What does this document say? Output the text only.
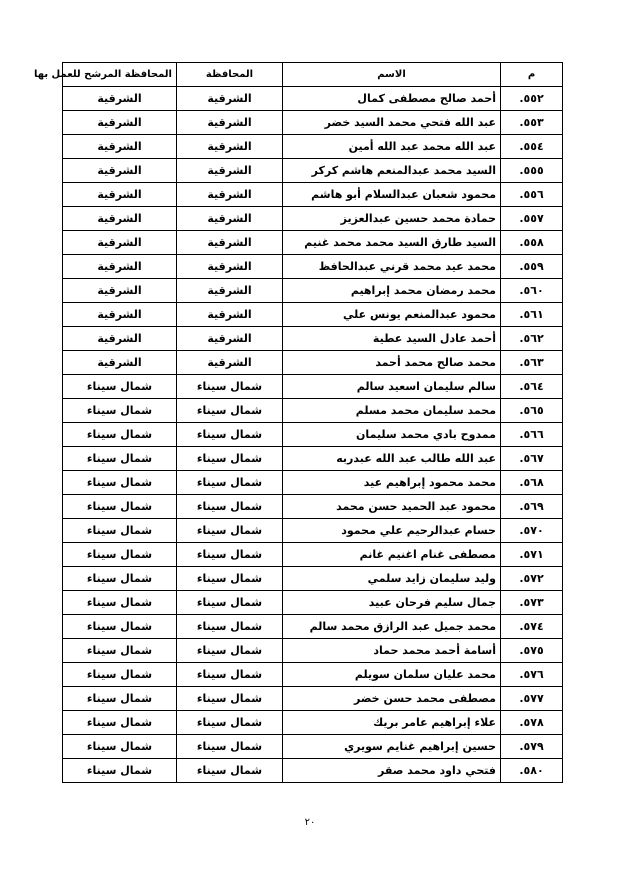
م	الاسم	المحافظة	المحافظة المرشح للعمل بها
٥٥٢.	أحمد صالح مصطفى كمال	الشرقية	الشرقية
٥٥٣.	عبد الله فتحي محمد السيد خضر	الشرقية	الشرقية
٥٥٤.	عبد الله محمد عبد الله أمين	الشرقية	الشرقية
٥٥٥.	السيد محمد عبدالمنعم هاشم كركر	الشرقية	الشرقية
٥٥٦.	محمود شعبان عبدالسلام أبو هاشم	الشرقية	الشرقية
٥٥٧.	حمادة محمد حسين عبدالعزيز	الشرقية	الشرقية
٥٥٨.	السيد طارق السيد محمد محمد غنيم	الشرقية	الشرقية
٥٥٩.	محمد عيد محمد قرني عبدالحافظ	الشرقية	الشرقية
٥٦٠.	محمد رمضان محمد إبراهيم	الشرقية	الشرقية
٥٦١.	محمود عبدالمنعم يونس علي	الشرقية	الشرقية
٥٦٢.	أحمد عادل السيد عطية	الشرقية	الشرقية
٥٦٣.	محمد صالح محمد أحمد	الشرقية	الشرقية
٥٦٤.	سالم سليمان اسعيد سالم	شمال سيناء	شمال سيناء
٥٦٥.	محمد سليمان محمد مسلم	شمال سيناء	شمال سيناء
٥٦٦.	ممدوح بادي محمد سليمان	شمال سيناء	شمال سيناء
٥٦٧.	عبد الله طالب عبد الله عبدربه	شمال سيناء	شمال سيناء
٥٦٨.	محمد محمود إبراهيم عيد	شمال سيناء	شمال سيناء
٥٦٩.	محمود عبد الحميد حسن محمد	شمال سيناء	شمال سيناء
٥٧٠.	حسام عبدالرحيم علي محمود	شمال سيناء	شمال سيناء
٥٧١.	مصطفى غنام اغنيم غانم	شمال سيناء	شمال سيناء
٥٧٢.	وليد سليمان زايد سلمي	شمال سيناء	شمال سيناء
٥٧٣.	جمال سليم فرحان عبيد	شمال سيناء	شمال سيناء
٥٧٤.	محمد جميل عبد الرازق محمد سالم	شمال سيناء	شمال سيناء
٥٧٥.	أسامة أحمد محمد حماد	شمال سيناء	شمال سيناء
٥٧٦.	محمد عليان سلمان سويلم	شمال سيناء	شمال سيناء
٥٧٧.	مصطفى محمد حسن خضر	شمال سيناء	شمال سيناء
٥٧٨.	علاء إبراهيم عامر بريك	شمال سيناء	شمال سيناء
٥٧٩.	حسين إبراهيم غنايم سويري	شمال سيناء	شمال سيناء
٥٨٠.	فتحي داود محمد صقر	شمال سيناء	شمال سيناء
٢٠
